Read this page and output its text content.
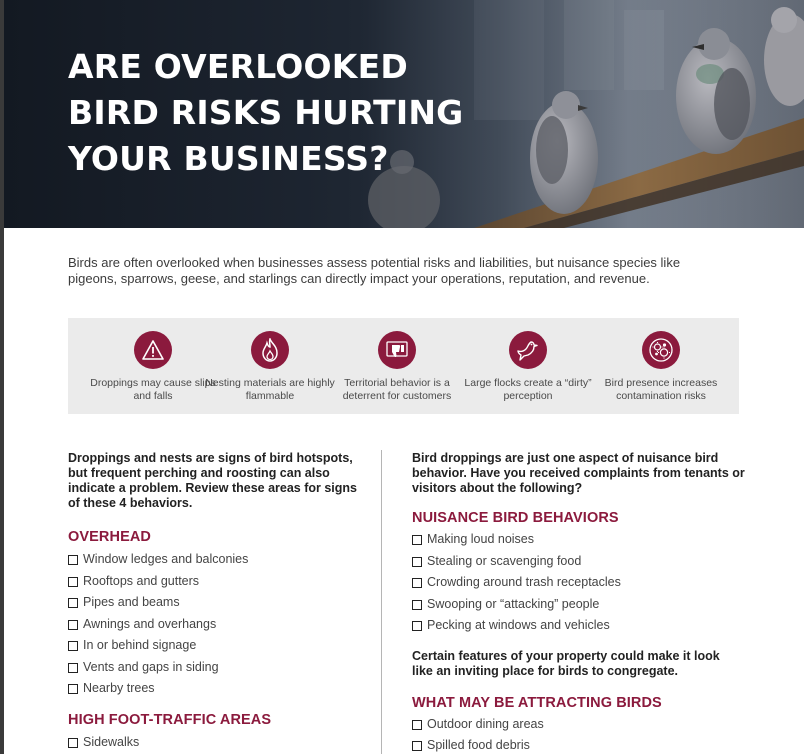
ARE OVERLOOKED
BIRD RISKS HURTING
YOUR BUSINESS?

Birds are often overlooked when businesses assess potential risks and liabilities, but nuisance species like pigeons, sparrows, geese, and starlings can directly impact your operations, reputation, and revenue.

Droppings may cause slips and falls
Nesting materials are highly flammable
Territorial behavior is a deterrent for customers
Large flocks create a “dirty” perception
Bird presence increases contamination risks

Droppings and nests are signs of bird hotspots, but frequent perching and roosting can also indicate a problem. Review these areas for signs of these 4 behaviors.

OVERHEAD
Window ledges and balconies
Rooftops and gutters
Pipes and beams
Awnings and overhangs
In or behind signage
Vents and gaps in siding
Nearby trees
HIGH FOOT-TRAFFIC AREAS
Sidewalks

Bird droppings are just one aspect of nuisance bird behavior. Have you received complaints from tenants or visitors about the following?

NUISANCE BIRD BEHAVIORS
Making loud noises
Stealing or scavenging food
Crowding around trash receptacles
Swooping or “attacking” people
Pecking at windows and vehicles

Certain features of your property could make it look like an inviting place for birds to congregate.

WHAT MAY BE ATTRACTING BIRDS
Outdoor dining areas
Spilled food debris
